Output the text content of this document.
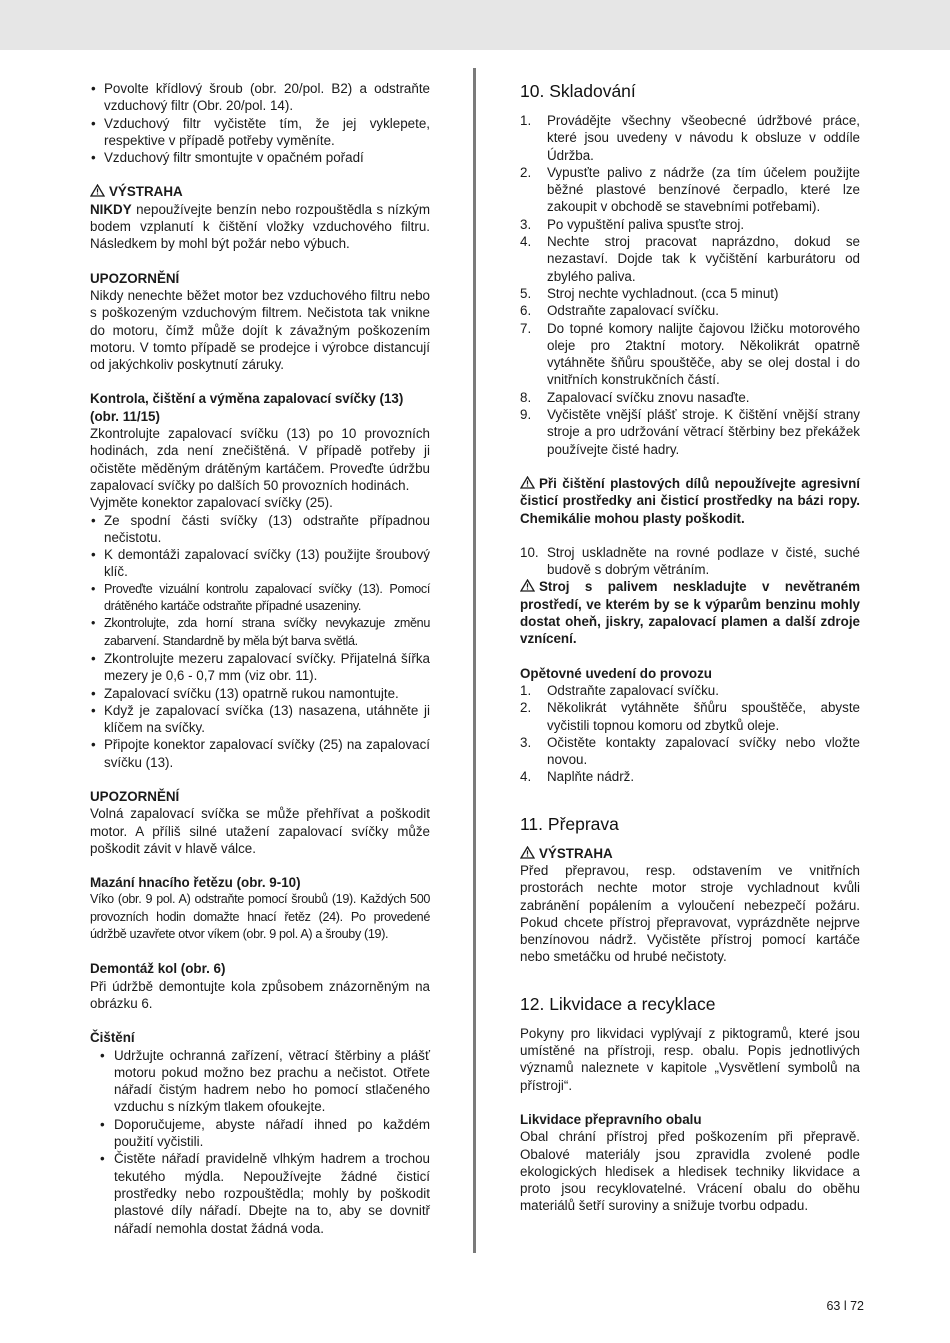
• Povolte křídlový šroub (obr. 20/pol. B2) a odstraňte vzduchový filtr (Obr. 20/pol. 14).
• Vzduchový filtr vyčistěte tím, že jej vyklepete, respektive v případě potřeby vyměníte.
• Vzduchový filtr smontujte v opačném pořadí

VÝSTRAHA

NIKDY nepoužívejte benzín nebo rozpouštědla s nízkým bodem vzplanutí k čištění vložky vzduchového filtru. Následkem by mohl být požár nebo výbuch.

UPOZORNĚNÍ

Nikdy nenechte běžet motor bez vzduchového filtru nebo s poškozeným vzduchovým filtrem. Nečistota tak vnikne do motoru, čímž může dojít k závažným poškozením motoru. V tomto případě se prodejce i výrobce distancují od jakýchkoliv poskytnutí záruky.

Kontrola, čištění a výměna zapalovací svíčky (13) (obr. 11/15)

Zkontrolujte zapalovací svíčku (13) po 10 provozních hodinách, zda není znečištěná. V případě potřeby ji očistěte měděným drátěným kartáčem. Proveďte údržbu zapalovací svíčky po dalších 50 provozních hodinách.

Vyjměte konektor zapalovací svíčky (25).

• Ze spodní části svíčky (13) odstraňte případnou nečistotu.
• K demontáži zapalovací svíčky (13) použijte šroubový klíč.
• Proveďte vizuální kontrolu zapalovací svíčky (13). Pomocí drátěného kartáče odstraňte případné usazeniny.
• Zkontrolujte, zda horní strana svíčky nevykazuje změnu zabarvení. Standardně by měla být barva světlá.
• Zkontrolujte mezeru zapalovací svíčky. Přijatelná šířka mezery je 0,6 - 0,7 mm (viz obr. 11).
• Zapalovací svíčku (13) opatrně rukou namontujte.
• Když je zapalovací svíčka (13) nasazena, utáhněte ji klíčem na svíčky.
• Připojte konektor zapalovací svíčky (25) na zapalovací svíčku (13).

UPOZORNĚNÍ

Volná zapalovací svíčka se může přehřívat a poškodit motor. A příliš silné utažení zapalovací svíčky může poškodit závit v hlavě válce.

Mazání hnacího řetězu (obr. 9-10)

Víko (obr. 9 pol. A) odstraňte pomocí šroubů (19). Každých 500 provozních hodin domažte hnací řetěz (24). Po provedené údržbě uzavřete otvor víkem (obr. 9 pol. A) a šrouby (19).

Demontáž kol (obr. 6)

Při údržbě demontujte kola způsobem znázorněným na obrázku 6.

Čištění

• Udržujte ochranná zařízení, větrací štěrbiny a plášť motoru pokud možno bez prachu a nečistot. Otřete nářadí čistým hadrem nebo ho pomocí stlačeného vzduchu s nízkým tlakem ofoukejte.
• Doporučujeme, abyste nářadí ihned po každém použití vyčistili.
• Čistěte nářadí pravidelně vlhkým hadrem a trochou tekutého mýdla. Nepoužívejte žádné čisticí prostředky nebo rozpouštědla; mohly by poškodit plastové díly nářadí. Dbejte na to, aby se dovnitř nářadí nemohla dostat žádná voda.
10. Skladování
1. Provádějte všechny všeobecné údržbové práce, které jsou uvedeny v návodu k obsluze v oddíle Údržba.
2. Vypusťte palivo z nádrže (za tím účelem použijte běžné plastové benzínové čerpadlo, které lze zakoupit v obchodě se stavebními potřebami).
3. Po vypuštění paliva spusťte stroj.
4. Nechte stroj pracovat naprázdno, dokud se nezastaví. Dojde tak k vyčištění karburátoru od zbylého paliva.
5. Stroj nechte vychladnout. (cca 5 minut)
6. Odstraňte zapalovací svíčku.
7. Do topné komory nalijte čajovou lžičku motorového oleje pro 2taktní motory. Několikrát opatrně vytáhněte šňůru spouštěče, aby se olej dostal i do vnitřních konstrukčních částí.
8. Zapalovací svíčku znovu nasaďte.
9. Vyčistěte vnější plášť stroje. K čištění vnější strany stroje a pro udržování větrací štěrbiny bez překážek používejte čisté hadry.

Při čištění plastových dílů nepoužívejte agresivní čisticí prostředky ani čisticí prostředky na bázi ropy. Chemikálie mohou plasty poškodit.

10. Stroj uskladněte na rovné podlaze v čisté, suché budově s dobrým větráním.

Stroj s palivem neskladujte v nevětraném prostředí, ve kterém by se k výparům benzinu mohly dostat oheň, jiskry, zapalovací plamen a další zdroje vznícení.

Opětovné uvedení do provozu

1. Odstraňte zapalovací svíčku.
2. Několikrát vytáhněte šňůru spouštěče, abyste vyčistili topnou komoru od zbytků oleje.
3. Očistěte kontakty zapalovací svíčky nebo vložte novou.
4. Naplňte nádrž.
11. Přeprava

VÝSTRAHA

Před přepravou, resp. odstavením ve vnitřních prostorách nechte motor stroje vychladnout kvůli zabránění popálením a vyloučení nebezpečí požáru. Pokud chcete přístroj přepravovat, vyprázdněte nejprve benzínovou nádrž. Vyčistěte přístroj pomocí kartáče nebo smetáčku od hrubé nečistoty.

12. Likvidace a recyklace

Pokyny pro likvidaci vyplývají z piktogramů, které jsou umístěné na přístroji, resp. obalu. Popis jednotlivých významů naleznete v kapitole „Vysvětlení symbolů na přístroji“.

Likvidace přepravního obalu

Obal chrání přístroj před poškozením při přepravě. Obalové materiály jsou zpravidla zvolené podle ekologických hledisek a hledisek techniky likvidace a proto jsou recyklovatelné. Vrácení obalu do oběhu materiálů šetří suroviny a snižuje tvorbu odpadu.

63 l 72
